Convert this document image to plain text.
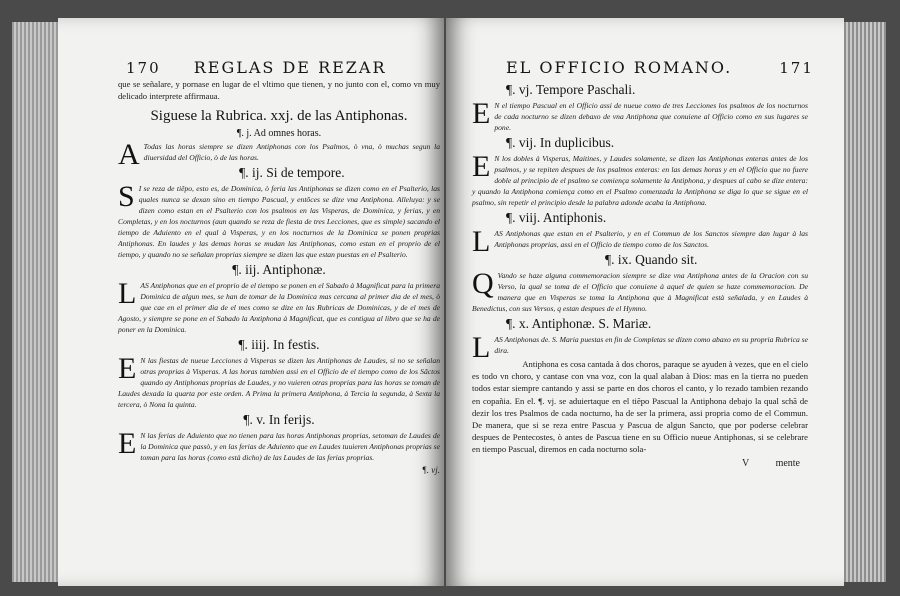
170 REGLAS DE REZAR

que se señalare, y pornase en lugar de el vltimo que tienen, y no junto con el, como vn muy delicado interprete affirmaua.

Siguese la Rubrica. xxj. de las Antiphonas.
¶. j. Ad omnes horas.
A Todas las horas siempre se dizen Antiphonas con los Psalmos, ò vna, ò muchas segun la diuersidad del Officio, ò de las horas.

¶. ij. Si de tempore.
S I se reza de tiẽpo, esto es, de Dominica, ò feria las Antiphonas se dizen como en el Psalterio, las quales nunca se dexan sino en tiempo Pascual, y entõces se dize vna Antiphona. Alleluya: y se dizen como estan en el Psalterio con los psalmos en las Visperas, de Dominica, y ferias, y en Completas, y en los nocturnos (aun quando se reza de fiesta de tres Lecciones, que es simple) sacando el tiempo de Aduiento en el qual à Visperas, y en los nocturnos de la Dominica se ponen proprias Antiphonas. En laudes y las demas horas se mudan las Antiphonas, como estan en el proprio de el tiempo, y quando no se señalan proprias siempre se dizen las que estan puestas en el Psalterio.

¶. iij. Antiphonæ.
L AS Antiphonas que en el proprio de el tiempo se ponen en el Sabado à Magnificat para la primera Dominica de algun mes, se han de tomar de la Dominica mas cercana al primer dia de el mes, ò que cae en el primer dia de el mes como se dize en las Rubricas de Dominicas, y de el mes de Agosto, y siempre se pone en el Sabado la Antiphona à Magnificat, que es contigua al libro que se ha de poner en la Dominica.

¶. iiij. In festis.
E N las fiestas de nueue Lecciones à Visperas se dizen las Antiphonas de Laudes, si no se señalan otras proprias à Visperas. A las horas tambien assi en el Officio de el tiempo como de los Sãctos quando ay Antiphonas proprias de Laudes, y no vuieren otras proprias para las horas se toman de Laudes dexada la quarta por este orden. A Prima la primera Antiphona, à Tercia la segunda, à Sexta la tercera, ò Nona la quinta.

¶. v. In ferijs.
E N las ferias de Aduiento que no tienen para las horas Antiphonas proprias, setoman de Laudes de la Dominica que passò, y en las ferias de Aduiento que en Laudes tuuieren Antiphonas proprias se toman para las horas (como està dicho) de las Laudes de las ferias proprias.

¶. vj.
EL OFFICIO ROMANO.	171
¶. vj. Tempore Paschali.
E N el tiempo Pascual en el Officio assi de nueue como de tres Lecciones los psalmos de los nocturnos de cada nocturno se dizen debaxo de vna Antiphona que conuiene al Officio como en sus lugares se pone.

¶. vij. In duplicibus.
E N los dobles à Visperas, Maitines, y Laudes solamente, se dizen las Antiphonas enteras antes de los psalmos, y se repiten despues de los psalmos enteras: en las demas horas y en el Officio que no fuere doble al principio de el psalmo se comiença solamente la Antiphona, y despues al cabo se dize entera: y quando la Antiphona comiença como en el Psalmo comenzada la Antiphona se diga lo que se sigue en el psalmo, sin repetir el principio desde la palabra adonde acaba la Antiphona.

¶. viij. Antiphonis.
L AS Antiphonas que estan en el Psalterio, y en el Commun de los Sanctos siempre dan lugar à las Antiphonas proprias, assi en el Officio de tiempo como de los Sanctos.

¶. ix. Quando sit.
Q Vando se haze alguna commemoracion siempre se dize vna Antiphona antes de la Oracion con su Verso, la qual se toma de el Officio que conuiene à aquel de quien se haze commemoracion. De manera que en Visperas se toma la Antiphona que à Magnificat està señalada, y en Laudes à Benedictus, con sus Versos, q estan despues de el Hymno.

¶. x. Antiphonæ. S. Mariæ.
L AS Antiphonas de. S. Maria puestas en fin de Completas se dizen como abaxo en su propria Rubrica se dira.

Antiphona es cosa cantada à dos choros, paraque se ayuden à vezes, que en el cielo es todo vn choro, y cantase con vna voz, con la qual alaban à Dios: mas en la tierra no pueden todos estar siempre cantando y assi se parte en dos choros el canto, y lo rezado tambien rezando en copañia. En el. ¶. vj. se aduiertaque en el tiẽpo Pascual la Antiphona debajo la qual schã de dezir los tres Psalmos de cada nocturno, ha de ser la primera, assi propria como de el Commun. De manera, que si se reza entre Pascua y Pascua de algun Sancto, que por poderse celebrar despues de Pentecostes, ò antes de Pascua tiene en su Officio nueue Antiphonas, si se celebrare en tiempo Pascual, diremos en cada nocturno sola-

V	mente
